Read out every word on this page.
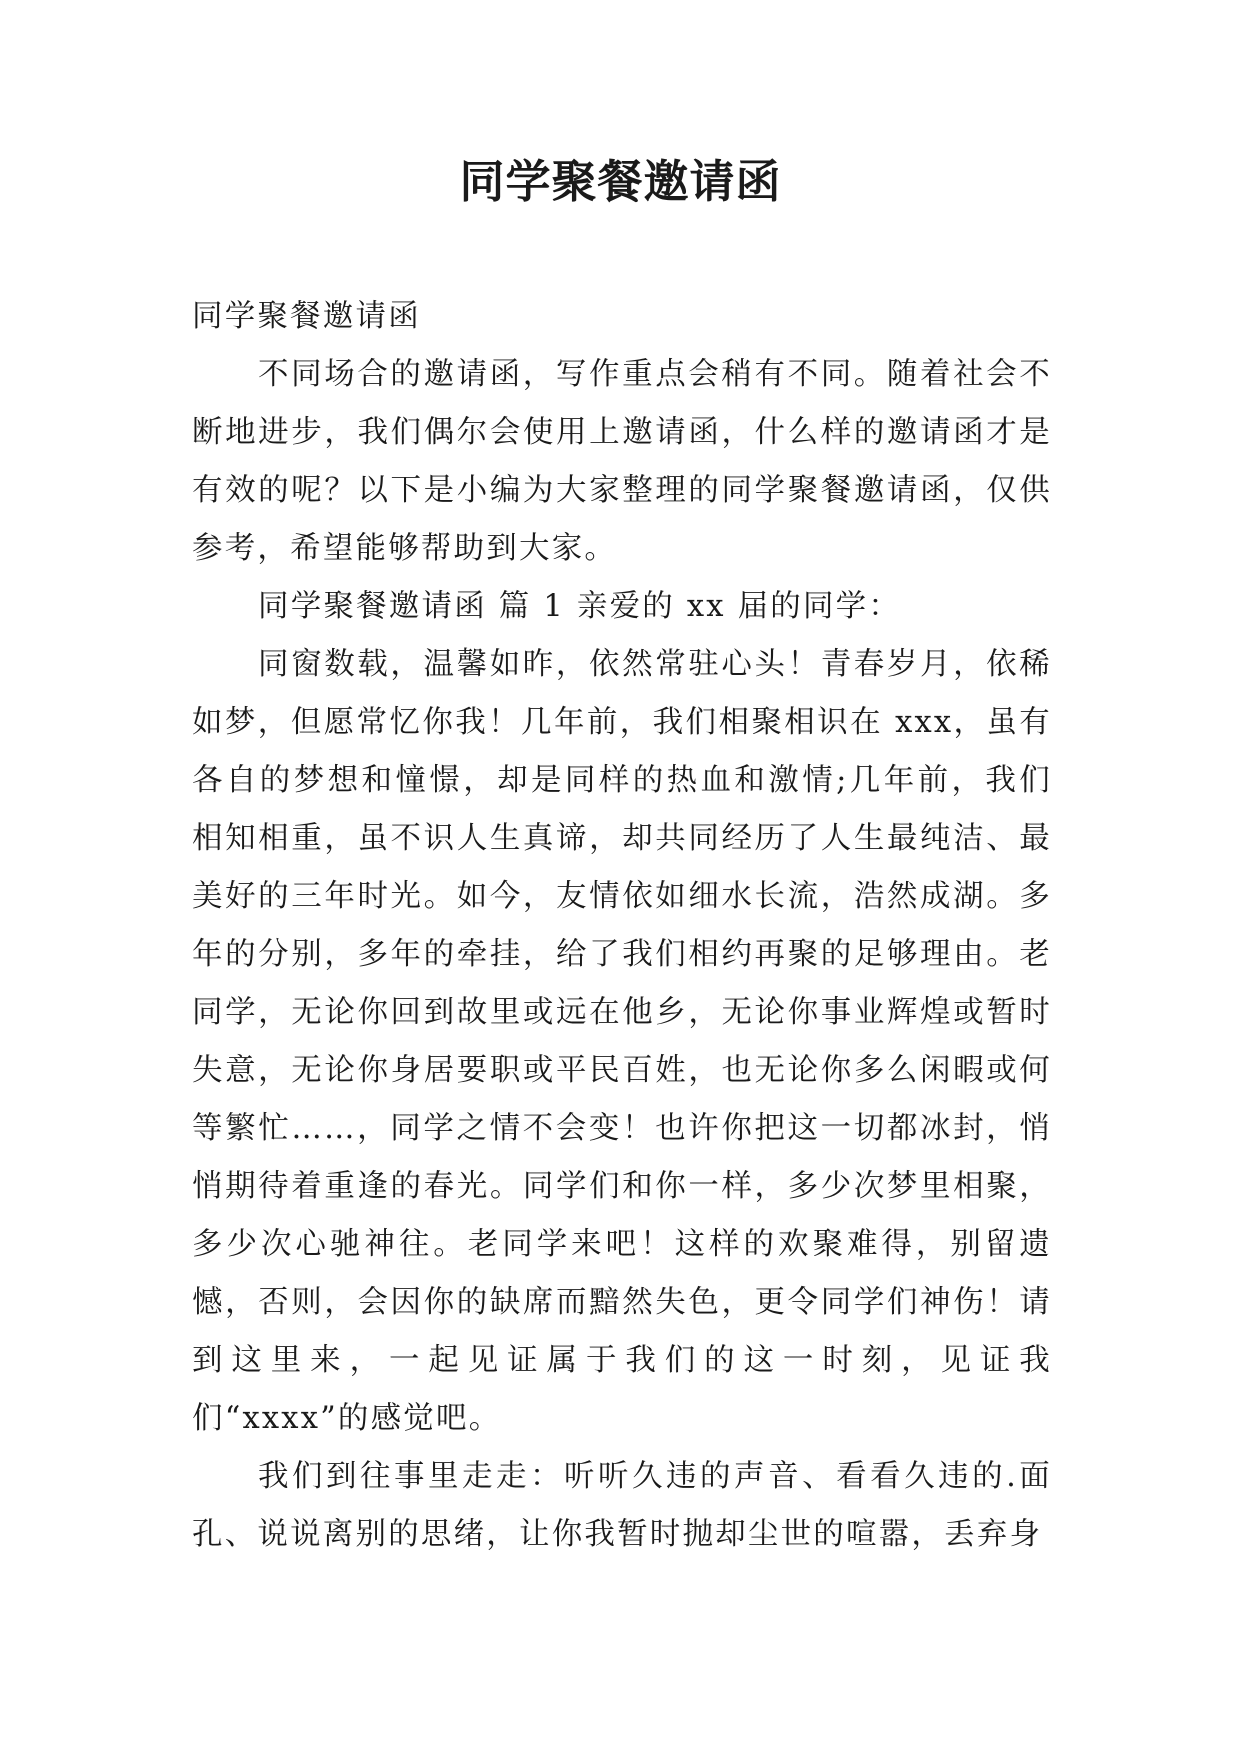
同学聚餐邀请函

同学聚餐邀请函

不同场合的邀请函，写作重点会稍有不同。随着社会不断地进步，我们偶尔会使用上邀请函，什么样的邀请函才是有效的呢？以下是小编为大家整理的同学聚餐邀请函，仅供参考，希望能够帮助到大家。

同学聚餐邀请函 篇 1 亲爱的 xx 届的同学：

同窗数载，温馨如昨，依然常驻心头！青春岁月，依稀如梦，但愿常忆你我！几年前，我们相聚相识在 xxx，虽有各自的梦想和憧憬，却是同样的热血和激情;几年前，我们相知相重，虽不识人生真谛，却共同经历了人生最纯洁、最美好的三年时光。如今，友情依如细水长流，浩然成湖。多年的分别，多年的牵挂，给了我们相约再聚的足够理由。老同学，无论你回到故里或远在他乡，无论你事业辉煌或暂时失意，无论你身居要职或平民百姓，也无论你多么闲暇或何等繁忙……，同学之情不会变！也许你把这一切都冰封，悄悄期待着重逢的春光。同学们和你一样，多少次梦里相聚，多少次心驰神往。老同学来吧！这样的欢聚难得，别留遗憾，否则，会因你的缺席而黯然失色，更令同学们神伤！请到这里来，一起见证属于我们的这一时刻，见证我们“xxxx”的感觉吧。

我们到往事里走走：听听久违的声音、看看久违的.面孔、说说离别的思绪，让你我暂时抛却尘世的喧嚣，丢弃身
